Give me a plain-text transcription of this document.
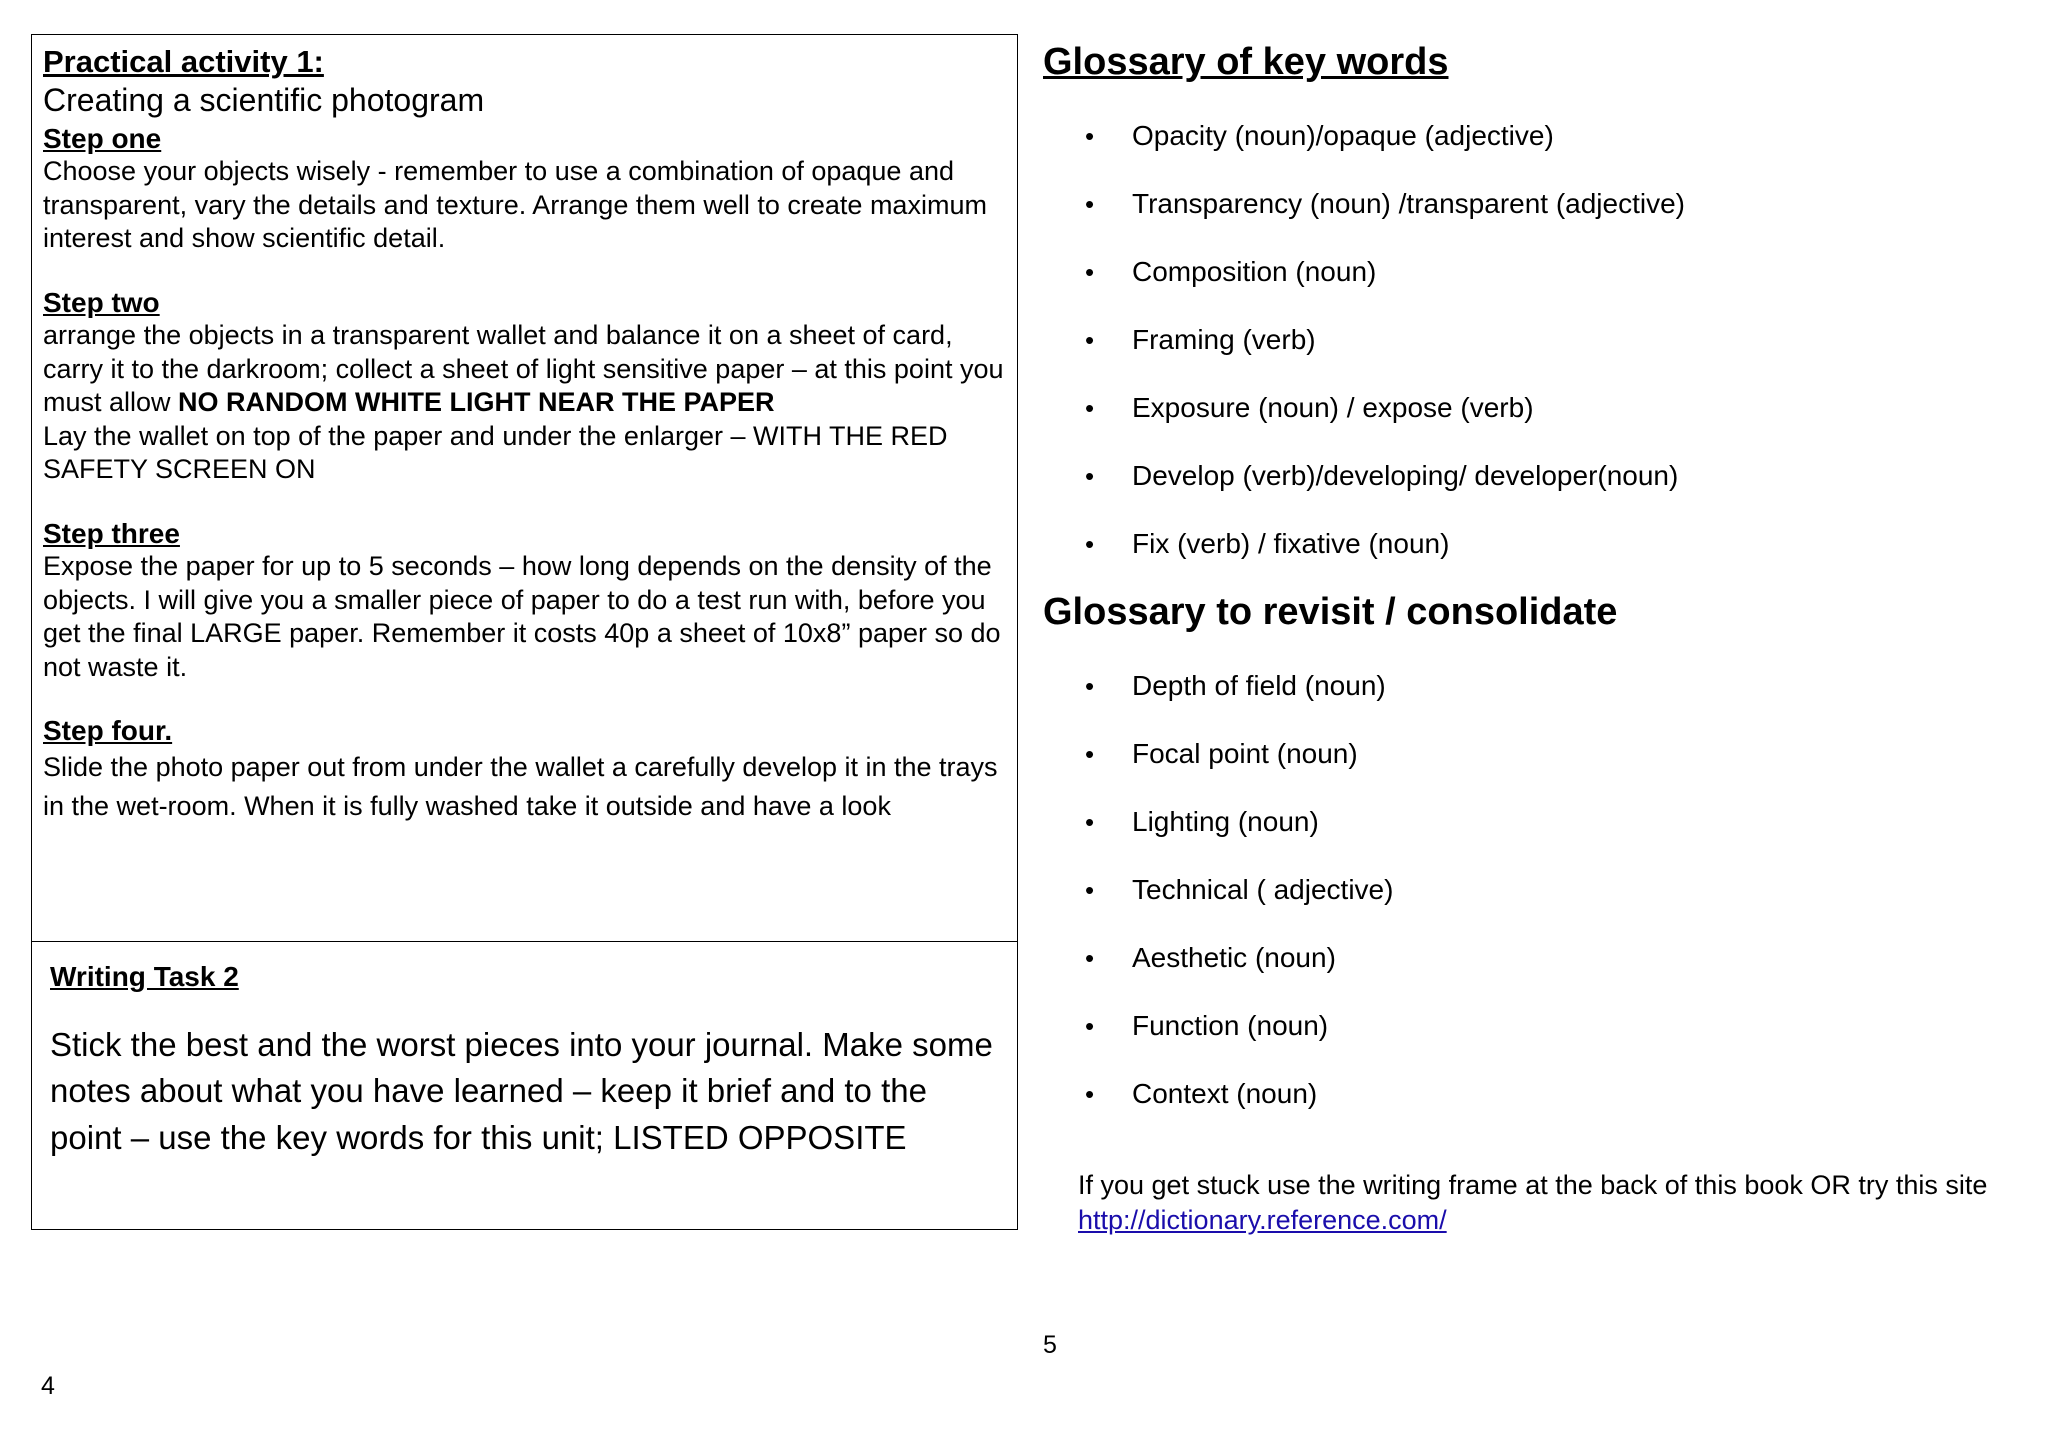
Practical activity 1:

Creating a scientific photogram

Step one

Choose your objects wisely - remember to use a combination of opaque and transparent, vary the details and texture. Arrange them well to create maximum interest and show scientific detail.

Step two

arrange the objects in a transparent wallet and balance it on a sheet of card, carry it to the darkroom; collect a sheet of light sensitive paper – at this point you must allow NO RANDOM WHITE LIGHT NEAR THE PAPER

Lay the wallet on top of the paper and under the enlarger – WITH THE RED SAFETY SCREEN ON

Step three

Expose the paper for up to 5 seconds – how long depends on the density of the objects. I will give you a smaller piece of paper to do a test run with, before you get the final LARGE paper. Remember it costs 40p a sheet of 10x8” paper so do not waste it.

Step four.

Slide the photo paper out from under the wallet a carefully develop it in the trays in the wet-room. When it is fully washed take it outside and have a look

Writing Task 2

Stick the best and the worst pieces into your journal. Make some notes about what you have learned – keep it brief and to the point – use the key words for this unit; LISTED OPPOSITE

4

Glossary of key words

• Opacity (noun)/opaque (adjective)
• Transparency (noun) /transparent (adjective)
• Composition (noun)
• Framing (verb)
• Exposure (noun) / expose (verb)
• Develop (verb)/developing/ developer(noun)
• Fix (verb) / fixative (noun)

Glossary to revisit / consolidate

• Depth of field (noun)
• Focal point (noun)
• Lighting (noun)
• Technical ( adjective)
• Aesthetic (noun)
• Function (noun)
• Context (noun)

If you get stuck use the writing frame at the back of this book OR try this site

http://dictionary.reference.com/
5
